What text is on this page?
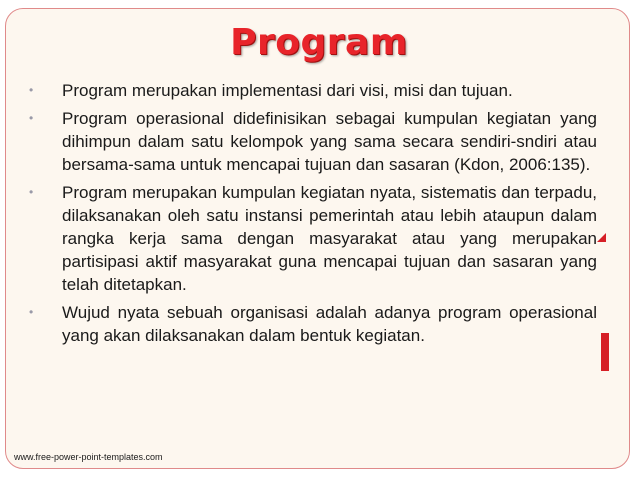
Program
• Program merupakan implementasi dari visi, misi dan tujuan.
• Program operasional didefinisikan sebagai kumpulan kegiatan yang dihimpun dalam satu kelompok yang sama secara sendiri-sndiri atau bersama-sama untuk mencapai tujuan dan sasaran (Kdon, 2006:135).
• Program merupakan kumpulan kegiatan nyata, sistematis dan terpadu, dilaksanakan oleh satu instansi pemerintah atau lebih ataupun dalam rangka kerja sama dengan masyarakat atau yang merupakan partisipasi aktif masyarakat guna mencapai tujuan dan sasaran yang telah ditetapkan.
• Wujud nyata sebuah organisasi adalah adanya program operasional yang akan dilaksanakan dalam bentuk kegiatan.
www.free-power-point-templates.com
